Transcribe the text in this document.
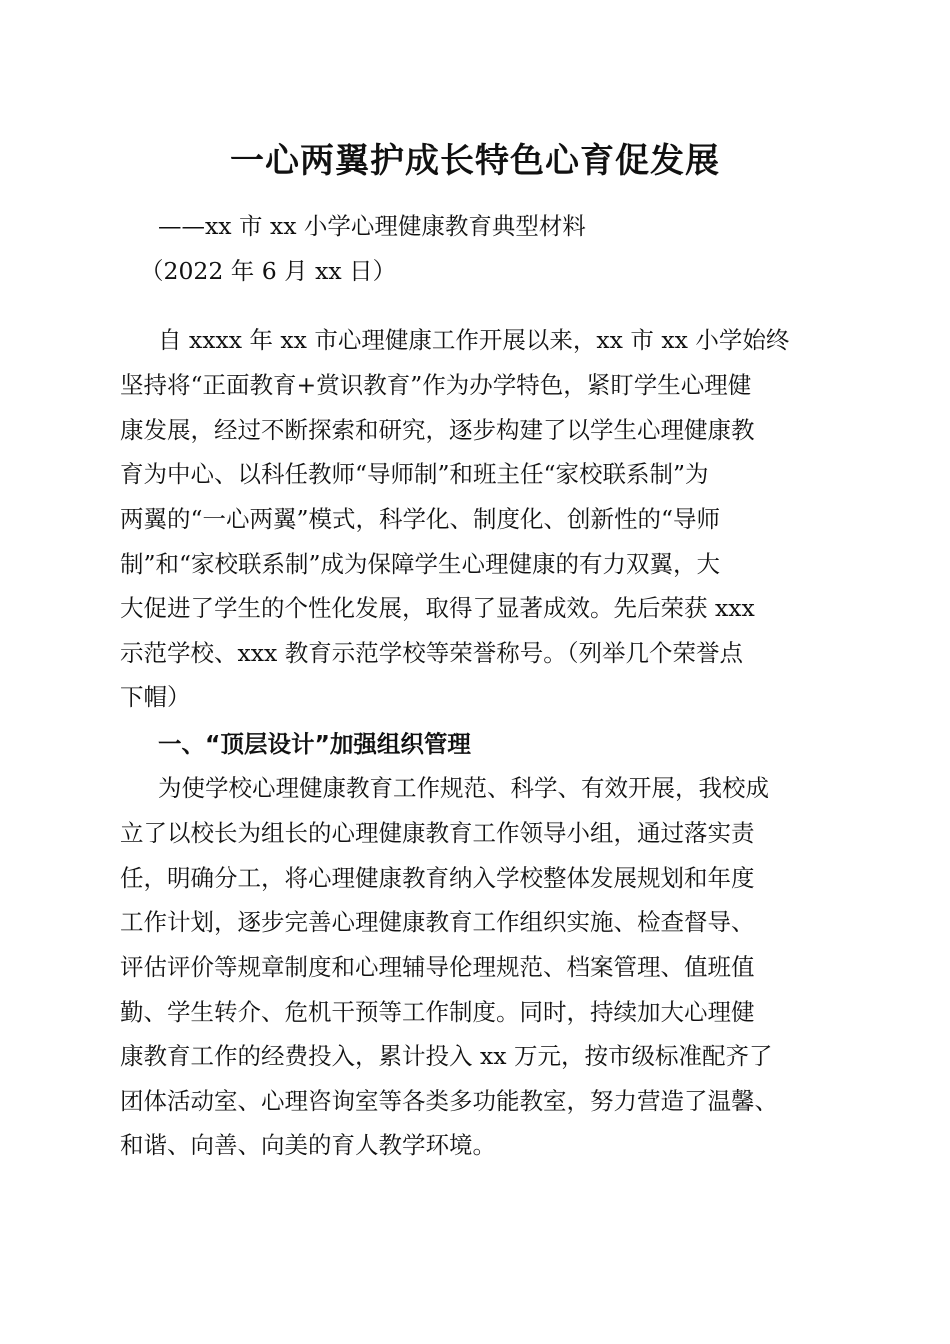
一心两翼护成长特色心育促发展
——xx 市 xx 小学心理健康教育典型材料
（2022 年 6 月 xx 日）
自 xxxx 年 xx 市心理健康工作开展以来，xx 市 xx 小学始终
坚持将“正面教育+赏识教育”作为办学特色，紧盯学生心理健
康发展，经过不断探索和研究，逐步构建了以学生心理健康教
育为中心、以科任教师“导师制”和班主任“家校联系制”为
两翼的“一心两翼”模式，科学化、制度化、创新性的“导师
制”和“家校联系制”成为保障学生心理健康的有力双翼，大
大促进了学生的个性化发展，取得了显著成效。先后荣获 xxx
示范学校、xxx 教育示范学校等荣誉称号。（列举几个荣誉点
下帽）
一、“顶层设计”加强组织管理
为使学校心理健康教育工作规范、科学、有效开展，我校成
立了以校长为组长的心理健康教育工作领导小组，通过落实责
任，明确分工，将心理健康教育纳入学校整体发展规划和年度
工作计划，逐步完善心理健康教育工作组织实施、检查督导、
评估评价等规章制度和心理辅导伦理规范、档案管理、值班值
勤、学生转介、危机干预等工作制度。同时，持续加大心理健
康教育工作的经费投入，累计投入 xx 万元，按市级标准配齐了
团体活动室、心理咨询室等各类多功能教室，努力营造了温馨、
和谐、向善、向美的育人教学环境。
